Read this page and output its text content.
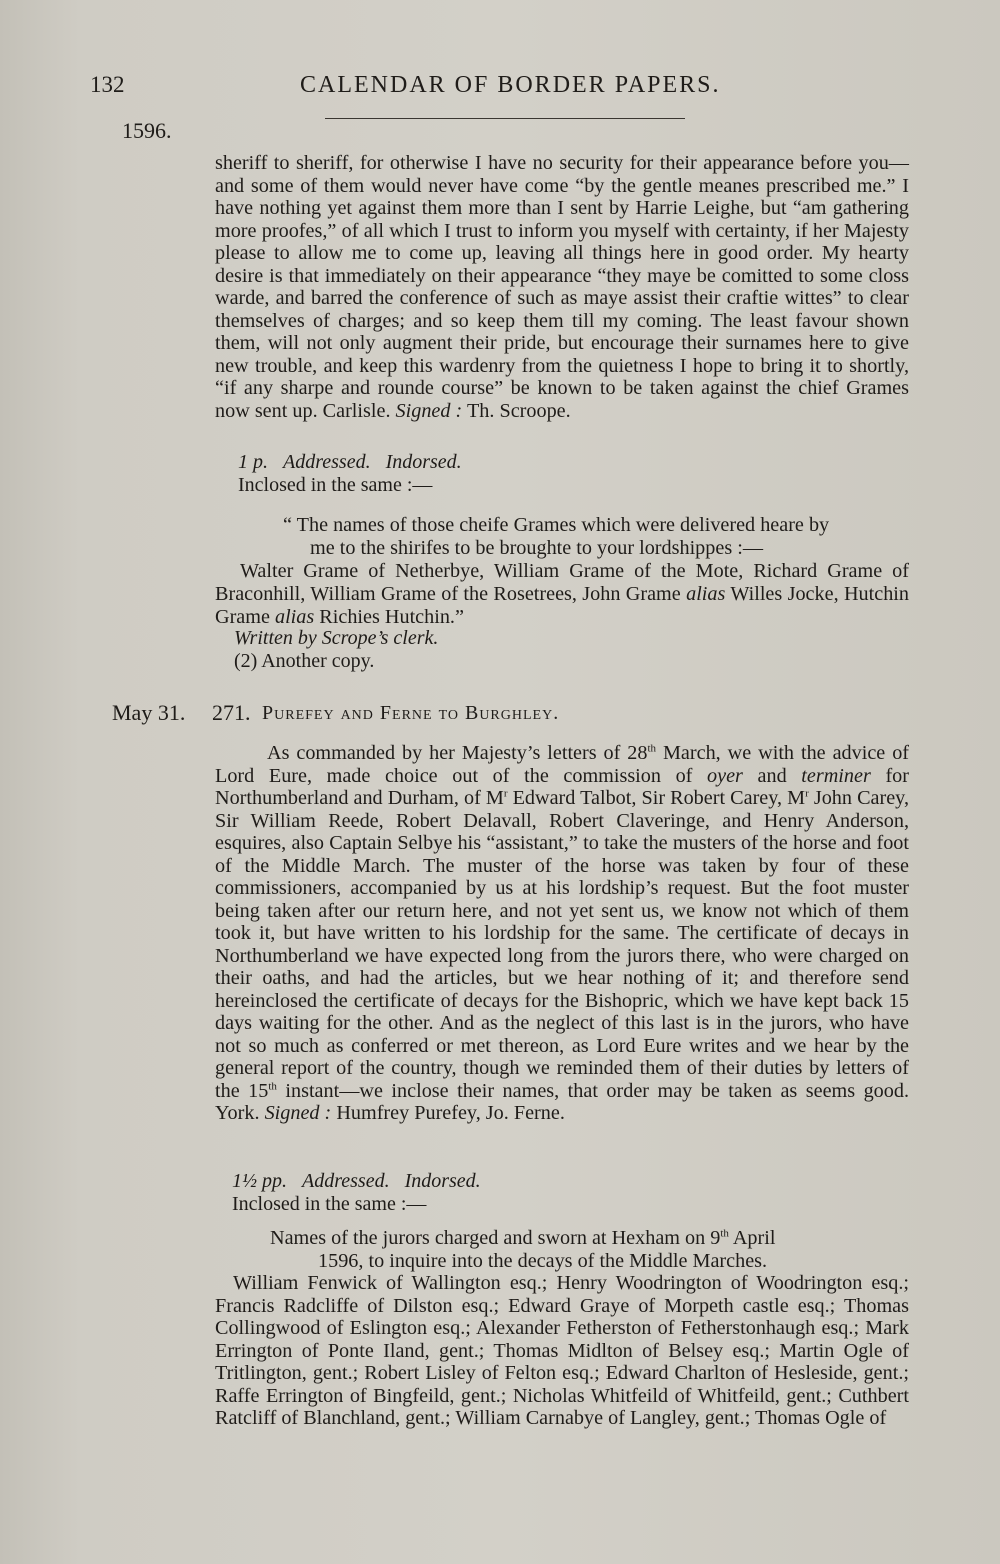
132	CALENDAR OF BORDER PAPERS.
1596.

sheriff to sheriff, for otherwise I have no security for their appearance before you—and some of them would never have come “by the gentle meanes prescribed me.” I have nothing yet against them more than I sent by Harrie Leighe, but “am gathering more proofes,” of all which I trust to inform you myself with certainty, if her Majesty please to allow me to come up, leaving all things here in good order. My hearty desire is that immediately on their appearance “they maye be comitted to some closs warde, and barred the conference of such as maye assist their craftie wittes” to clear themselves of charges; and so keep them till my coming. The least favour shown them, will not only augment their pride, but encourage their surnames here to give new trouble, and keep this wardenry from the quietness I hope to bring it to shortly, “if any sharpe and rounde course” be known to be taken against the chief Grames now sent up. Carlisle. Signed : Th. Scroope.

1 p. Addressed. Indorsed.
Inclosed in the same :—

“ The names of those cheife Grames which were delivered heare by

me to the shirifes to be broughte to your lordshippes :—

Walter Grame of Netherbye, William Grame of the Mote, Richard Grame of Braconhill, William Grame of the Rosetrees, John Grame alias Willes Jocke, Hutchin Grame alias Richies Hutchin.”

Written by Scrope’s clerk.
(2) Another copy.
May 31. 271. Purefey and Ferne to Burghley.

As commanded by her Majesty’s letters of 28th March, we with the advice of Lord Eure, made choice out of the commission of oyer and terminer for Northumberland and Durham, of $M^r$ Edward Talbot, Sir Robert Carey, $M^r$ John Carey, Sir William Reede, Robert Delavall, Robert Claveringe, and Henry Anderson, esquires, also Captain Selbye his “assistant,” to take the musters of the horse and foot of the Middle March. The muster of the horse was taken by four of these commissioners, accompanied by us at his lordship’s request. But the foot muster being taken after our return here, and not yet sent us, we know not which of them took it, but have written to his lordship for the same. The certificate of decays in Northumberland we have expected long from the jurors there, who were charged on their oaths, and had the articles, but we hear nothing of it; and therefore send hereinclosed the certificate of decays for the Bishopric, which we have kept back 15 days waiting for the other. And as the neglect of this last is in the jurors, who have not so much as conferred or met thereon, as Lord Eure writes and we hear by the general report of the country, though we reminded them of their duties by letters of the 15th instant—we inclose their names, that order may be taken as seems good. York. Signed : Humfrey Purefey, Jo. Ferne.

1½ pp. Addressed. Indorsed.
Inclosed in the same :—

Names of the jurors charged and sworn at Hexham on 9th April

1596, to inquire into the decays of the Middle Marches.

William Fenwick of Wallington esq.; Henry Woodrington of Woodrington esq.; Francis Radcliffe of Dilston esq.; Edward Graye of Morpeth castle esq.; Thomas Collingwood of Eslington esq.; Alexander Fetherston of Fetherstonhaugh esq.; Mark Errington of Ponte Iland, gent.; Thomas Midlton of Belsey esq.; Martin Ogle of Tritlington, gent.; Robert Lisley of Felton esq.; Edward Charlton of Hesleside, gent.; Raffe Errington of Bingfeild, gent.; Nicholas Whitfeild of Whitfeild, gent.; Cuthbert Ratcliff of Blanchland, gent.; William Carnabye of Langley, gent.; Thomas Ogle of
